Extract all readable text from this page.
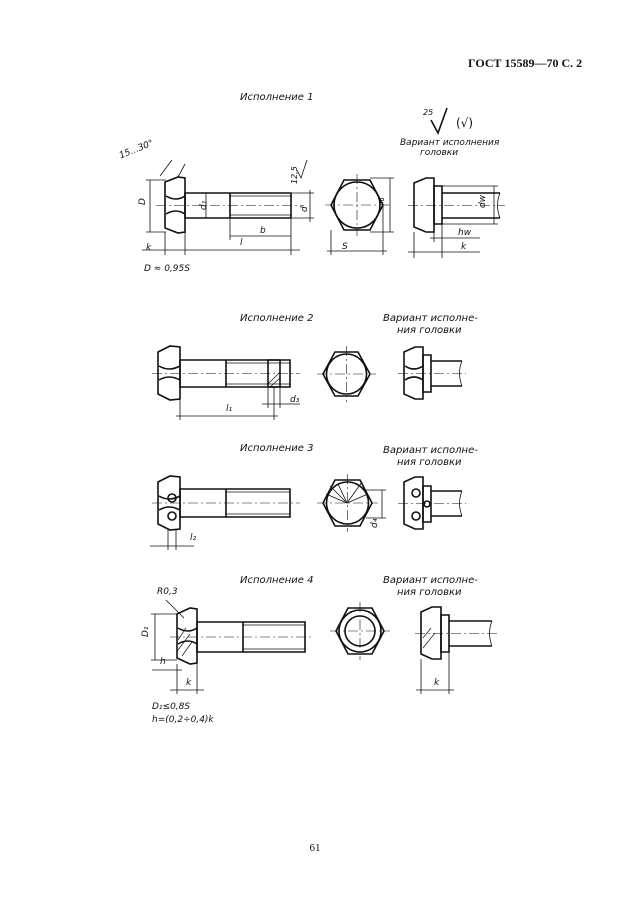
ГОСТ 15589—70 С. 2
Исполнение 1
Исполнение 2
Исполнение 3
Исполнение 4
Вариант исполнения
головки
Вариант исполне-
ния головки
Вариант исполне-
ния головки
Вариант исполне-
ния головки
25
(√)
15...30°
D
k
d₁
l
b
12,5
d
e
S
dw
hw
k
D ≈ 0,95S
l₁
d₃
l₂
d₄
R0,3
D₁
h
k	k
D₁≤0,8S
h=(0,2÷0,4)k
61
